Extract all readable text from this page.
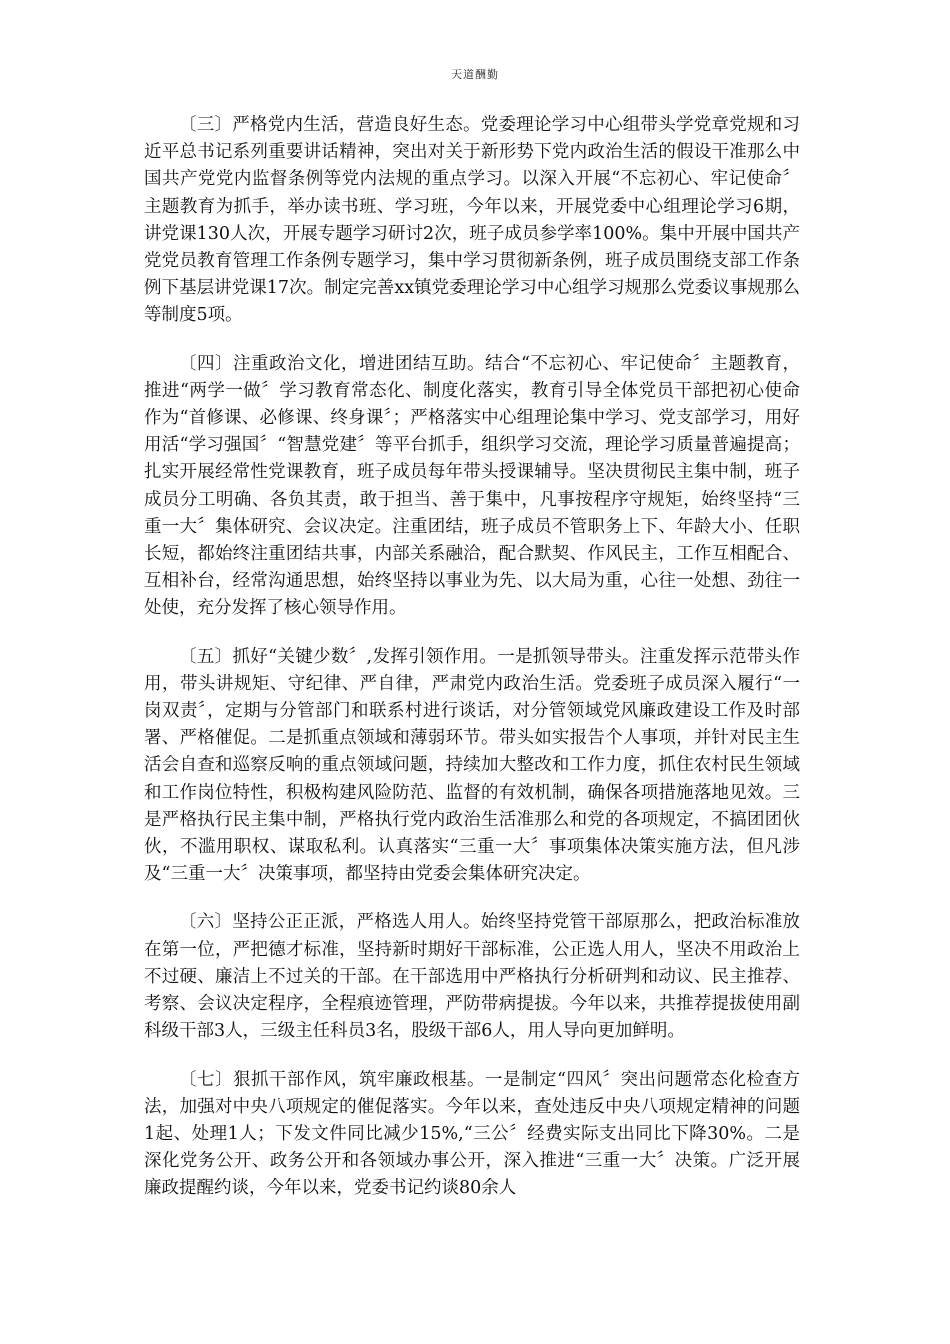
天道酬勤

〔三〕严格党内生活，营造良好生态。党委理论学习中心组带头学党章党规和习近平总书记系列重要讲话精神，突出对关于新形势下党内政治生活的假设干准那么中国共产党党内监督条例等党内法规的重点学习。以深入开展“不忘初心、牢记使命〞主题教育为抓手，举办读书班、学习班，今年以来，开展党委中心组理论学习6期，讲党课130人次，开展专题学习研讨2次，班子成员参学率100%。集中开展中国共产党党员教育管理工作条例专题学习，集中学习贯彻新条例，班子成员围绕支部工作条例下基层讲党课17次。制定完善xx镇党委理论学习中心组学习规那么党委议事规那么等制度5项。

〔四〕注重政治文化，增进团结互助。结合“不忘初心、牢记使命〞主题教育，推进“两学一做〞学习教育常态化、制度化落实，教育引导全体党员干部把初心使命作为“首修课、必修课、终身课〞；严格落实中心组理论集中学习、党支部学习，用好用活“学习强国〞“智慧党建〞等平台抓手，组织学习交流，理论学习质量普遍提高；扎实开展经常性党课教育，班子成员每年带头授课辅导。坚决贯彻民主集中制，班子成员分工明确、各负其责，敢于担当、善于集中，凡事按程序守规矩，始终坚持“三重一大〞集体研究、会议决定。注重团结，班子成员不管职务上下、年龄大小、任职长短，都始终注重团结共事，内部关系融洽，配合默契、作风民主，工作互相配合、互相补台，经常沟通思想，始终坚持以事业为先、以大局为重，心往一处想、劲往一处使，充分发挥了核心领导作用。

〔五〕抓好“关键少数〞,发挥引领作用。一是抓领导带头。注重发挥示范带头作用，带头讲规矩、守纪律、严自律，严肃党内政治生活。党委班子成员深入履行“一岗双责〞，定期与分管部门和联系村进行谈话，对分管领域党风廉政建设工作及时部署、严格催促。二是抓重点领域和薄弱环节。带头如实报告个人事项，并针对民主生活会自查和巡察反响的重点领域问题，持续加大整改和工作力度，抓住农村民生领域和工作岗位特性，积极构建风险防范、监督的有效机制，确保各项措施落地见效。三是严格执行民主集中制，严格执行党内政治生活准那么和党的各项规定，不搞团团伙伙，不滥用职权、谋取私利。认真落实“三重一大〞事项集体决策实施方法，但凡涉及“三重一大〞决策事项，都坚持由党委会集体研究决定。

〔六〕坚持公正正派，严格选人用人。始终坚持党管干部原那么，把政治标准放在第一位，严把德才标准，坚持新时期好干部标准，公正选人用人，坚决不用政治上不过硬、廉洁上不过关的干部。在干部选用中严格执行分析研判和动议、民主推荐、考察、会议决定程序，全程痕迹管理，严防带病提拔。今年以来，共推荐提拔使用副科级干部3人，三级主任科员3名，股级干部6人，用人导向更加鲜明。

〔七〕狠抓干部作风，筑牢廉政根基。一是制定“四风〞突出问题常态化检查方法，加强对中央八项规定的催促落实。今年以来，查处违反中央八项规定精神的问题1起、处理1人；下发文件同比减少15%,“三公〞经费实际支出同比下降30%。二是深化党务公开、政务公开和各领域办事公开，深入推进“三重一大〞决策。广泛开展廉政提醒约谈，今年以来，党委书记约谈80余人
